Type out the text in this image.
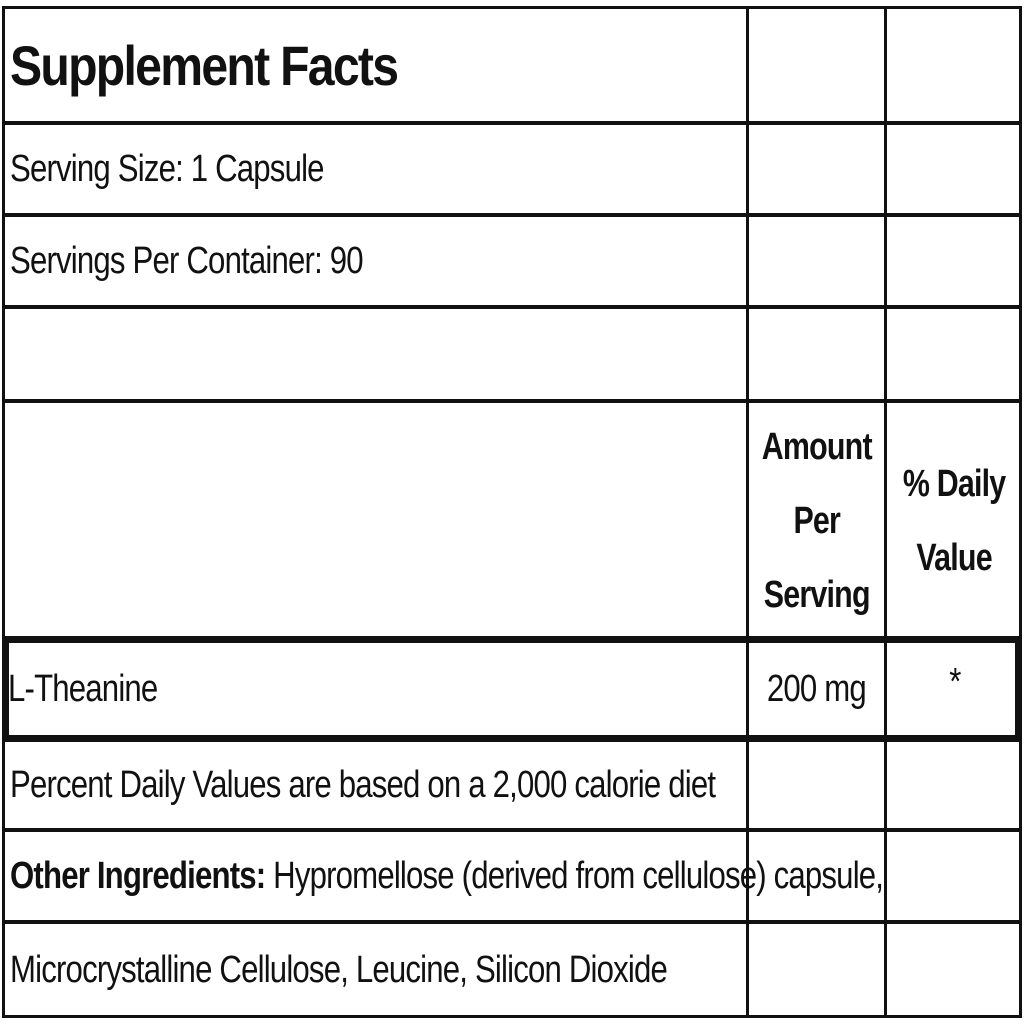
Supplement Facts
Serving Size: 1 Capsule
Servings Per Container: 90
Amount
Per Serving
% Daily
Value
L-Theanine	200 mg *
Percent Daily Values are based on a 2,000 calorie diet
Other Ingredients: Hypromellose (derived from cellulose) capsule,
Microcrystalline Cellulose, Leucine, Silicon Dioxide
